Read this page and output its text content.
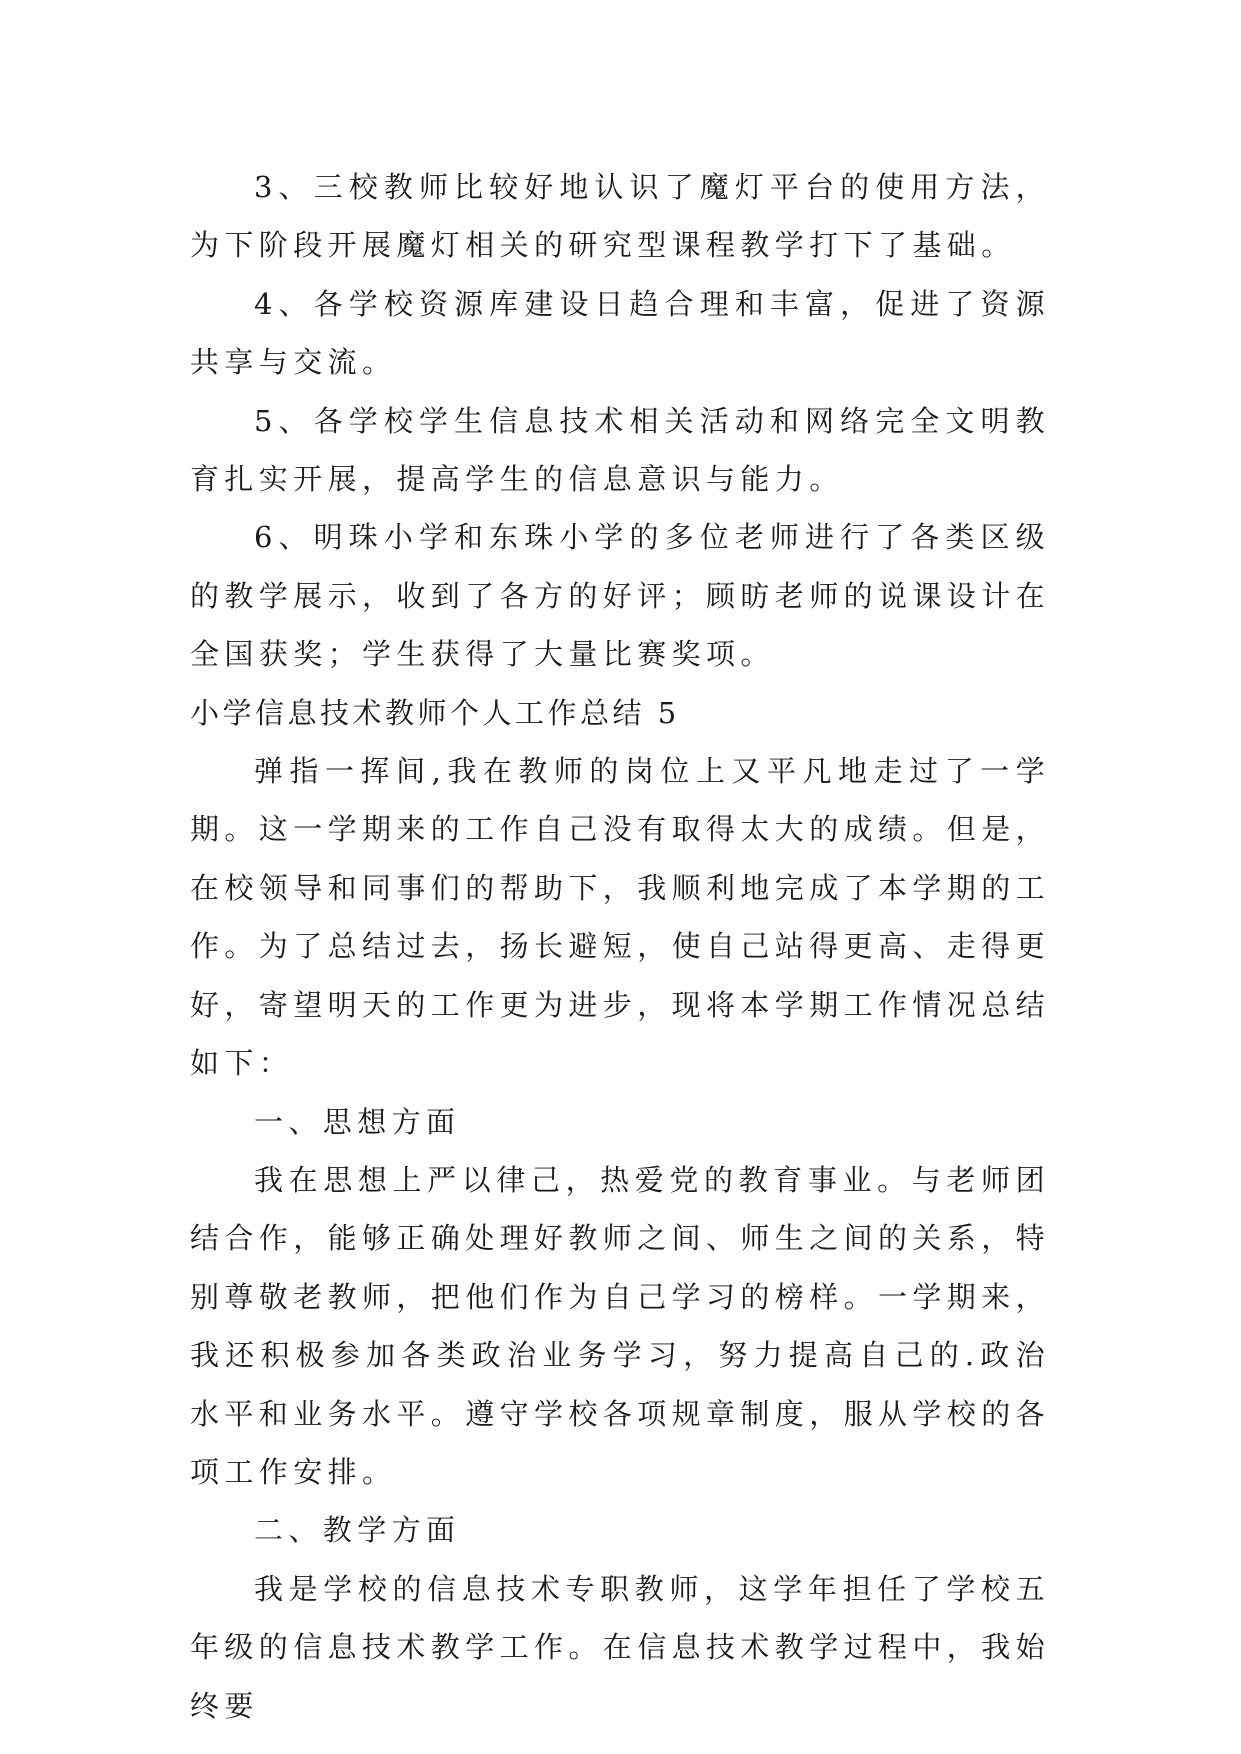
3、三校教师比较好地认识了魔灯平台的使用方法，为下阶段开展魔灯相关的研究型课程教学打下了基础。

4、各学校资源库建设日趋合理和丰富，促进了资源共享与交流。

5、各学校学生信息技术相关活动和网络完全文明教育扎实开展，提高学生的信息意识与能力。

6、明珠小学和东珠小学的多位老师进行了各类区级的教学展示，收到了各方的好评；顾昉老师的说课设计在全国获奖；学生获得了大量比赛奖项。

小学信息技术教师个人工作总结 5

弹指一挥间,我在教师的岗位上又平凡地走过了一学期。这一学期来的工作自己没有取得太大的成绩。但是，在校领导和同事们的帮助下，我顺利地完成了本学期的工作。为了总结过去，扬长避短，使自己站得更高、走得更好，寄望明天的工作更为进步，现将本学期工作情况总结如下：

一、思想方面

我在思想上严以律己，热爱党的教育事业。与老师团结合作，能够正确处理好教师之间、师生之间的关系，特别尊敬老教师，把他们作为自己学习的榜样。一学期来，我还积极参加各类政治业务学习，努力提高自己的.政治水平和业务水平。遵守学校各项规章制度，服从学校的各项工作安排。

二、教学方面

我是学校的信息技术专职教师，这学年担任了学校五年级的信息技术教学工作。在信息技术教学过程中，我始终要
